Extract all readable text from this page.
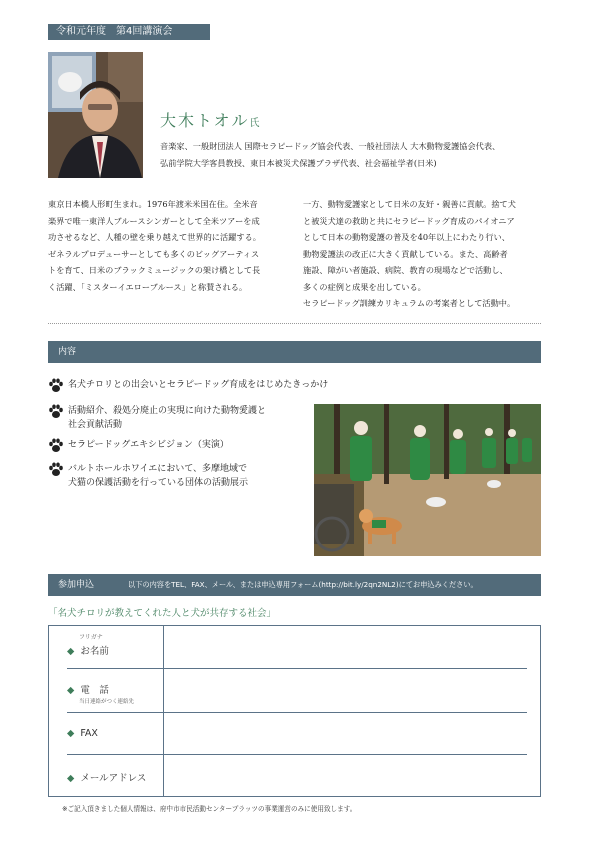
令和元年度　第4回講演会
大木トオル氏
音楽家、一般財団法人 国際セラピードッグ協会代表、一般社団法人 大木動物愛護協会代表、
弘前学院大学客員教授、東日本被災犬保護プラザ代表、社会福祉学者(日米)
東京日本橋人形町生まれ。1976年渡米米国在住。全米音
楽界で唯一東洋人ブルースシンガーとして全米ツアーを成
功させるなど、人種の壁を乗り越えて世界的に活躍する。
ゼネラルプロデューサーとしても多くのビッグアーティス
トを育て、日米のブラックミュージックの架け橋として長
く活躍、「ミスターイエローブルース」と称賛される。
一方、動物愛護家として日米の友好・親善に貢献。捨て犬
と被災犬達の救助と共にセラピードッグ育成のパイオニア
として日本の動物愛護の普及を40年以上にわたり行い、
動物愛護法の改正に大きく貢献している。また、高齢者
施設、障がい者施設、病院、教育の現場などで活動し、
多くの症例と成果を出している。
セラピードッグ訓練カリキュラムの考案者として活動中。
内容
名犬チロリとの出会いとセラピードッグ育成をはじめたきっかけ
活動紹介、殺処分廃止の実現に向けた動物愛護と
社会貢献活動
セラピードッグエキシビジョン（実演）
バルトホールホワイエにおいて、多摩地域で
犬猫の保護活動を行っている団体の活動展示
参加申込	以下の内容をTEL、FAX、メール、または申込専用フォーム(http://bit.ly/2qn2NL2)にてお申込みください。
「名犬チロリが教えてくれた人と犬が共存する社会」
フリガナ
◆ お名前
◆ 電　話
当日連絡がつく連絡先
◆ FAX
◆ メールアドレス
※ご記入頂きました個人情報は、府中市市民活動センタープラッツの事業運営のみに使用致します。
